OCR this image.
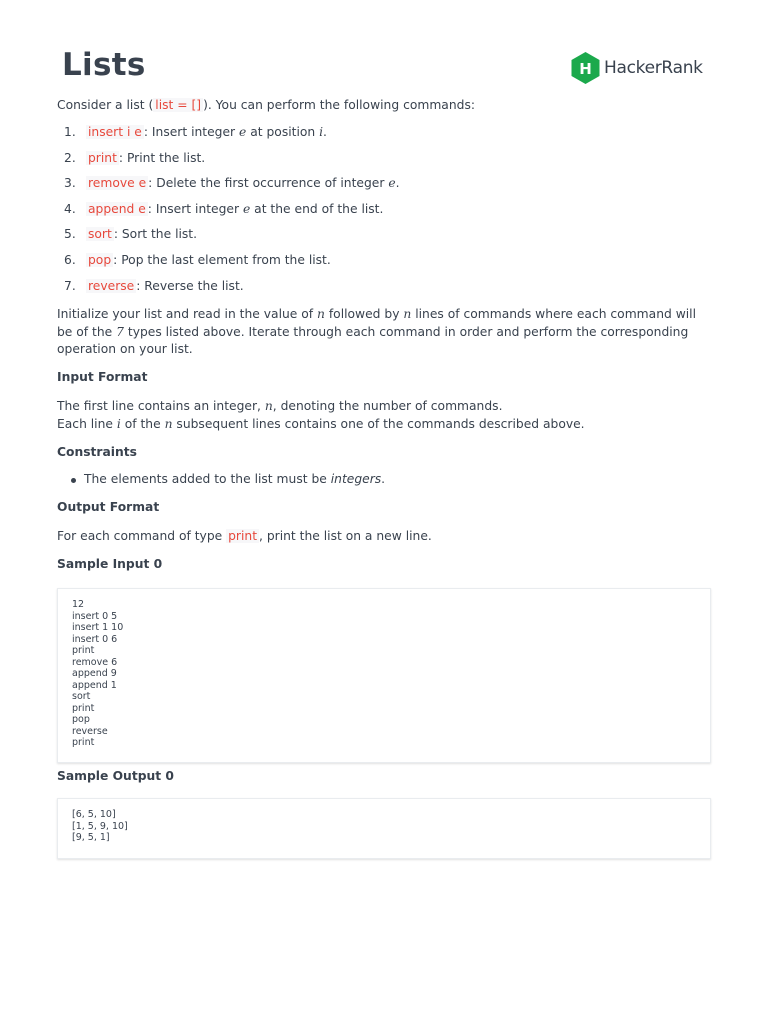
Lists	H HackerRank

Consider a list ( list = [] ). You can perform the following commands:

1. insert i e : Insert integer e at position i.
2. print : Print the list.
3. remove e : Delete the first occurrence of integer e.
4. append e : Insert integer e at the end of the list.
5. sort : Sort the list.
6. pop : Pop the last element from the list.
7. reverse : Reverse the list.

Initialize your list and read in the value of n followed by n lines of commands where each command will be of the 7 types listed above. Iterate through each command in order and perform the corresponding operation on your list.

Input Format

The first line contains an integer, n, denoting the number of commands.
Each line i of the n subsequent lines contains one of the commands described above.

Constraints
The elements added to the list must be integers.
Output Format

For each command of type print , print the list on a new line.

Sample Input 0
12
insert 0 5
insert 1 10
insert 0 6
print
remove 6
append 9
append 1
sort
print
pop
reverse
print
Sample Output 0
[6, 5, 10]
[1, 5, 9, 10]
[9, 5, 1]
